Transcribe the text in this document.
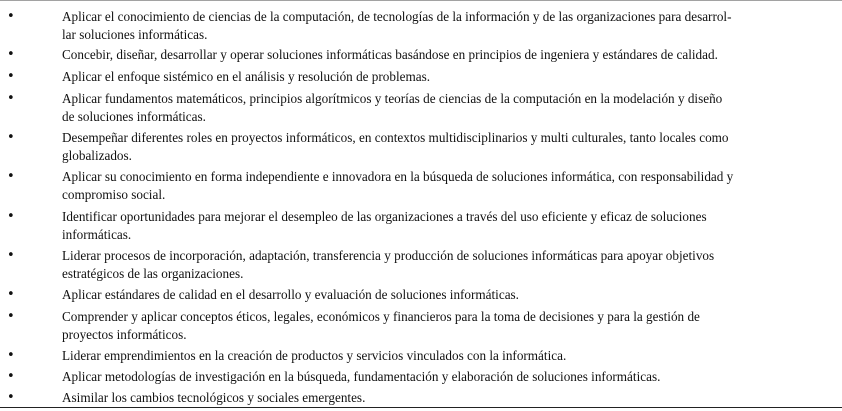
•	Aplicar el conocimiento de ciencias de la computación, de tecnologías de la información y de las organizaciones para desarrol-
lar soluciones informáticas.
•	Concebir, diseñar, desarrollar y operar soluciones informáticas basándose en principios de ingeniera y estándares de calidad.
•	Aplicar el enfoque sistémico en el análisis y resolución de problemas.
•	Aplicar fundamentos matemáticos, principios algorítmicos y teorías de ciencias de la computación en la modelación y diseño
de soluciones informáticas.
•	Desempeñar diferentes roles en proyectos informáticos, en contextos multidisciplinarios y multi culturales, tanto locales como
globalizados.
•	Aplicar su conocimiento en forma independiente e innovadora en la búsqueda de soluciones informática, con responsabilidad y
compromiso social.
•	Identificar oportunidades para mejorar el desempleo de las organizaciones a través del uso eficiente y eficaz de soluciones
informáticas.
•	Liderar procesos de incorporación, adaptación, transferencia y producción de soluciones informáticas para apoyar objetivos
estratégicos de las organizaciones.
•	Aplicar estándares de calidad en el desarrollo y evaluación de soluciones informáticas.
•	Comprender y aplicar conceptos éticos, legales, económicos y financieros para la toma de decisiones y para la gestión de
proyectos informáticos.
•	Liderar emprendimientos en la creación de productos y servicios vinculados con la informática.
•	Aplicar metodologías de investigación en la búsqueda, fundamentación y elaboración de soluciones informáticas.
•	Asimilar los cambios tecnológicos y sociales emergentes.
